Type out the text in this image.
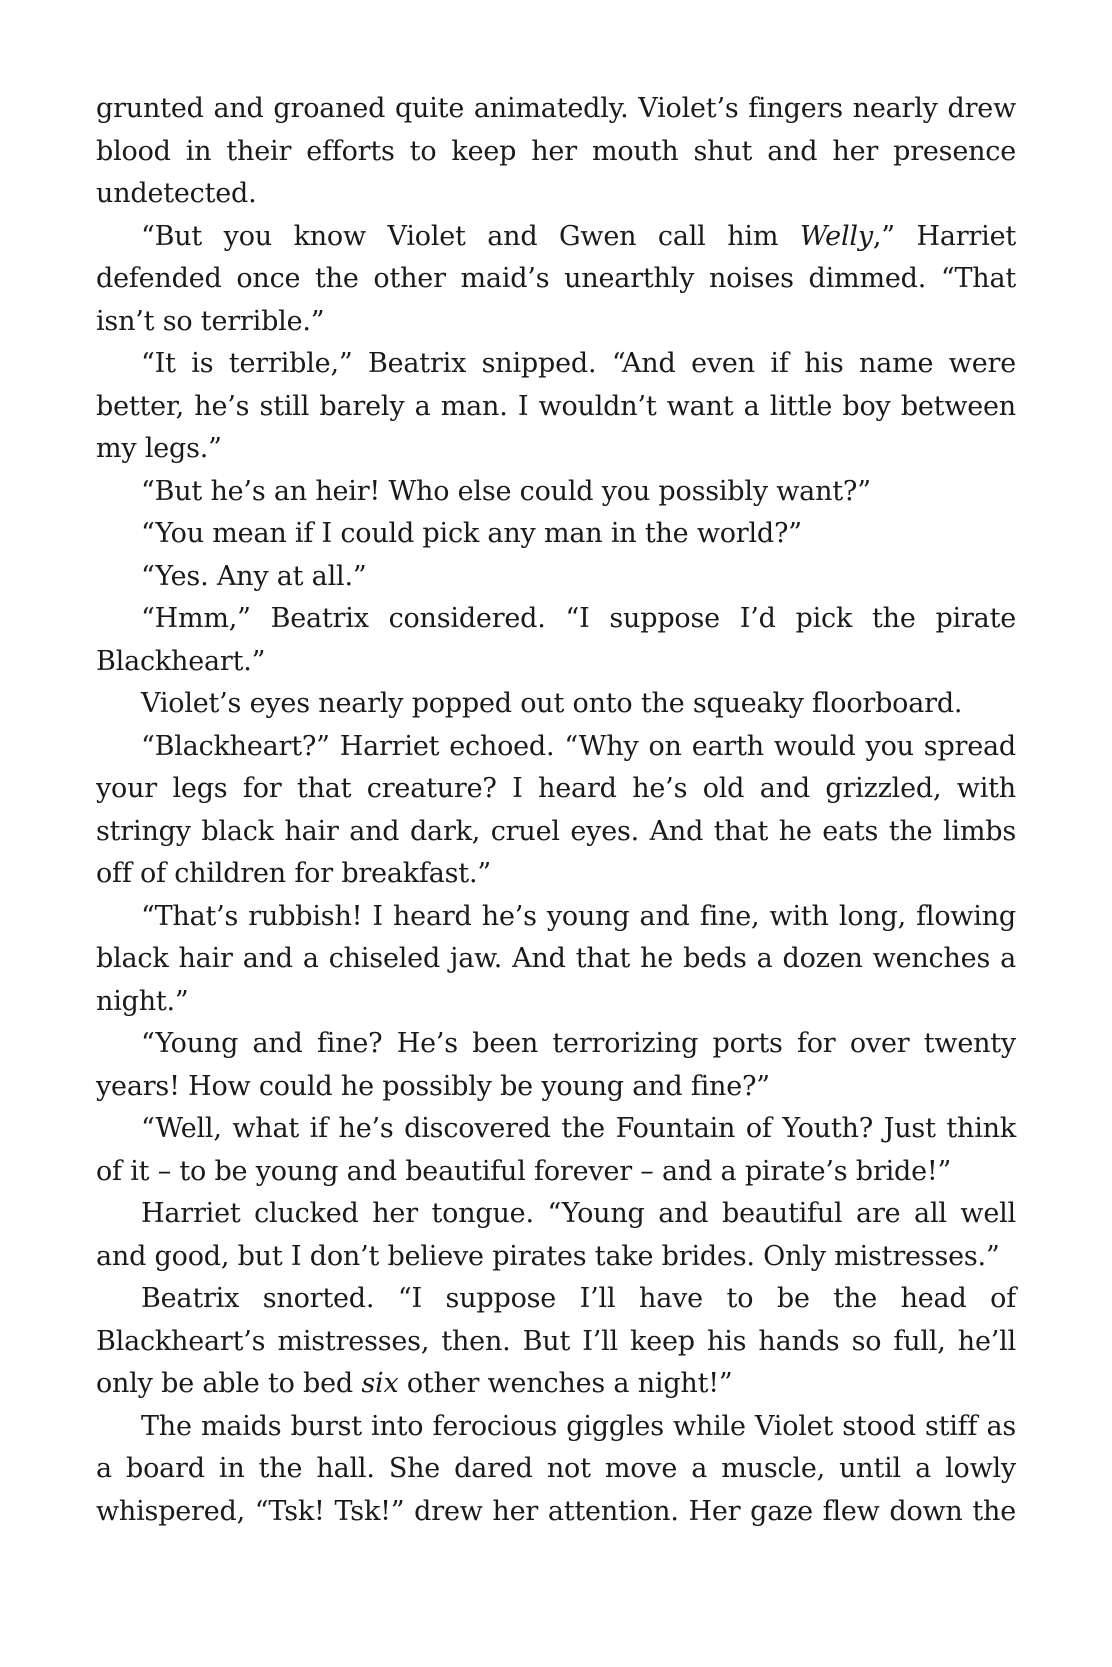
grunted and groaned quite animatedly. Violet’s fingers nearly drew blood in their efforts to keep her mouth shut and her presence undetected.

“But you know Violet and Gwen call him Welly,” Harriet defended once the other maid’s unearthly noises dimmed. “That isn’t so terrible.”

“It is terrible,” Beatrix snipped. “And even if his name were better, he’s still barely a man. I wouldn’t want a little boy between my legs.”

“But he’s an heir! Who else could you possibly want?”

“You mean if I could pick any man in the world?”

“Yes. Any at all.”

“Hmm,” Beatrix considered. “I suppose I’d pick the pirate Blackheart.”

Violet’s eyes nearly popped out onto the squeaky floorboard.

“Blackheart?” Harriet echoed. “Why on earth would you spread your legs for that creature? I heard he’s old and grizzled, with stringy black hair and dark, cruel eyes. And that he eats the limbs off of children for breakfast.”

“That’s rubbish! I heard he’s young and fine, with long, flowing black hair and a chiseled jaw. And that he beds a dozen wenches a night.”

“Young and fine? He’s been terrorizing ports for over twenty years! How could he possibly be young and fine?”

“Well, what if he’s discovered the Fountain of Youth? Just think of it – to be young and beautiful forever – and a pirate’s bride!”

Harriet clucked her tongue. “Young and beautiful are all well and good, but I don’t believe pirates take brides. Only mistresses.”

Beatrix snorted. “I suppose I’ll have to be the head of Blackheart’s mistresses, then. But I’ll keep his hands so full, he’ll only be able to bed six other wenches a night!”

The maids burst into ferocious giggles while Violet stood stiff as a board in the hall. She dared not move a muscle, until a lowly whispered, “Tsk! Tsk!” drew her attention. Her gaze flew down the
